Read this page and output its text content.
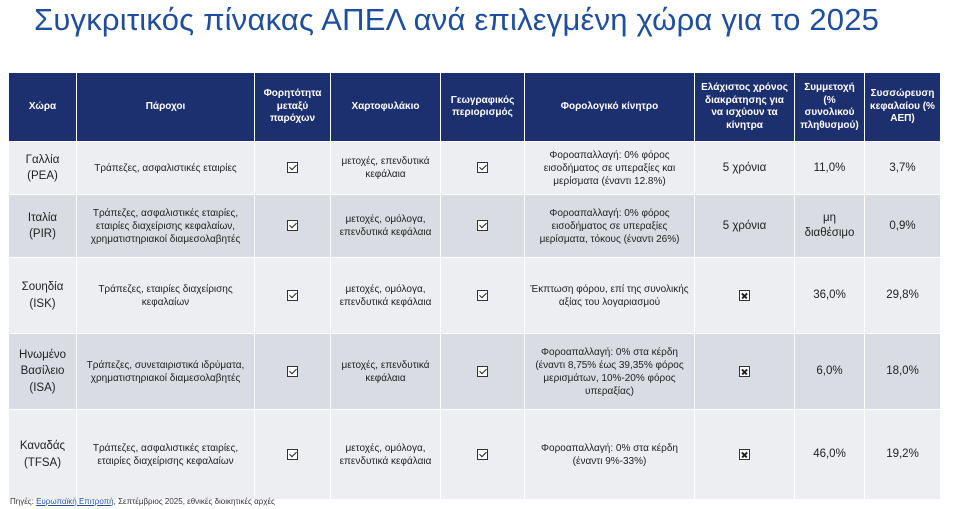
Συγκριτικός πίνακας ΑΠΕΛ ανά επιλεγμένη χώρα για το 2025
Χώρα	Πάροχοι	Φορητότητα μεταξύ παρόχων	Χαρτοφυλάκιο	Γεωγραφικός περιορισμός	Φορολογικό κίνητρο	Ελάχιστος χρόνος διακράτησης για να ισχύουν τα κίνητρα	Συμμετοχή (% συνολικού πληθυσμού)	Συσσώρευση κεφαλαίου (% ΑΕΠ)
Γαλλία (PEA)	Τράπεζες, ασφαλιστικές εταιρίες		μετοχές, επενδυτικά κεφάλαια		Φοροαπαλλαγή: 0% φόρος εισοδήματος σε υπεραξίες και μερίσματα (έναντι 12.8%)	5 χρόνια	11,0%	3,7%
Ιταλία (PIR)	Τράπεζες, ασφαλιστικές εταιρίες, εταιρίες διαχείρισης κεφαλαίων, χρηματιστηριακοί διαμεσολαβητές		μετοχές, ομόλογα, επενδυτικά κεφάλαια		Φοροαπαλλαγή: 0% φόρος εισοδήματος σε υπεραξίες μερίσματα, τόκους (έναντι 26%)	5 χρόνια	μη διαθέσιμο	0,9%
Σουηδία (ISK)	Τράπεζες, εταιρίες διαχείρισης κεφαλαίων		μετοχές, ομόλογα, επενδυτικά κεφάλαια		Έκπτωση φόρου, επί της συνολικής αξίας του λογαριασμού		36,0%	29,8%
Ηνωμένο Βασίλειο (ISA)	Τράπεζες, συνεταιριστικά ιδρύματα, χρηματιστηριακοί διαμεσολαβητές		μετοχές, επενδυτικά κεφάλαια		Φοροαπαλλαγή: 0% στα κέρδη (έναντι 8,75% έως 39,35% φόρος μερισμάτων, 10%-20% φόρος υπεραξίας)		6,0%	18,0%
Καναδάς (TFSA)	Τράπεζες, ασφαλιστικές εταιρίες, εταιρίες διαχείρισης κεφαλαίων		μετοχές, ομόλογα, επενδυτικά κεφάλαια		Φοροαπαλλαγή: 0% στα κέρδη (έναντι 9%-33%)		46,0%	19,2%
Πηγές: Ευρωπαϊκή Επιτροπή, Σεπτέμβριος 2025, εθνικές διοικητικές αρχές
